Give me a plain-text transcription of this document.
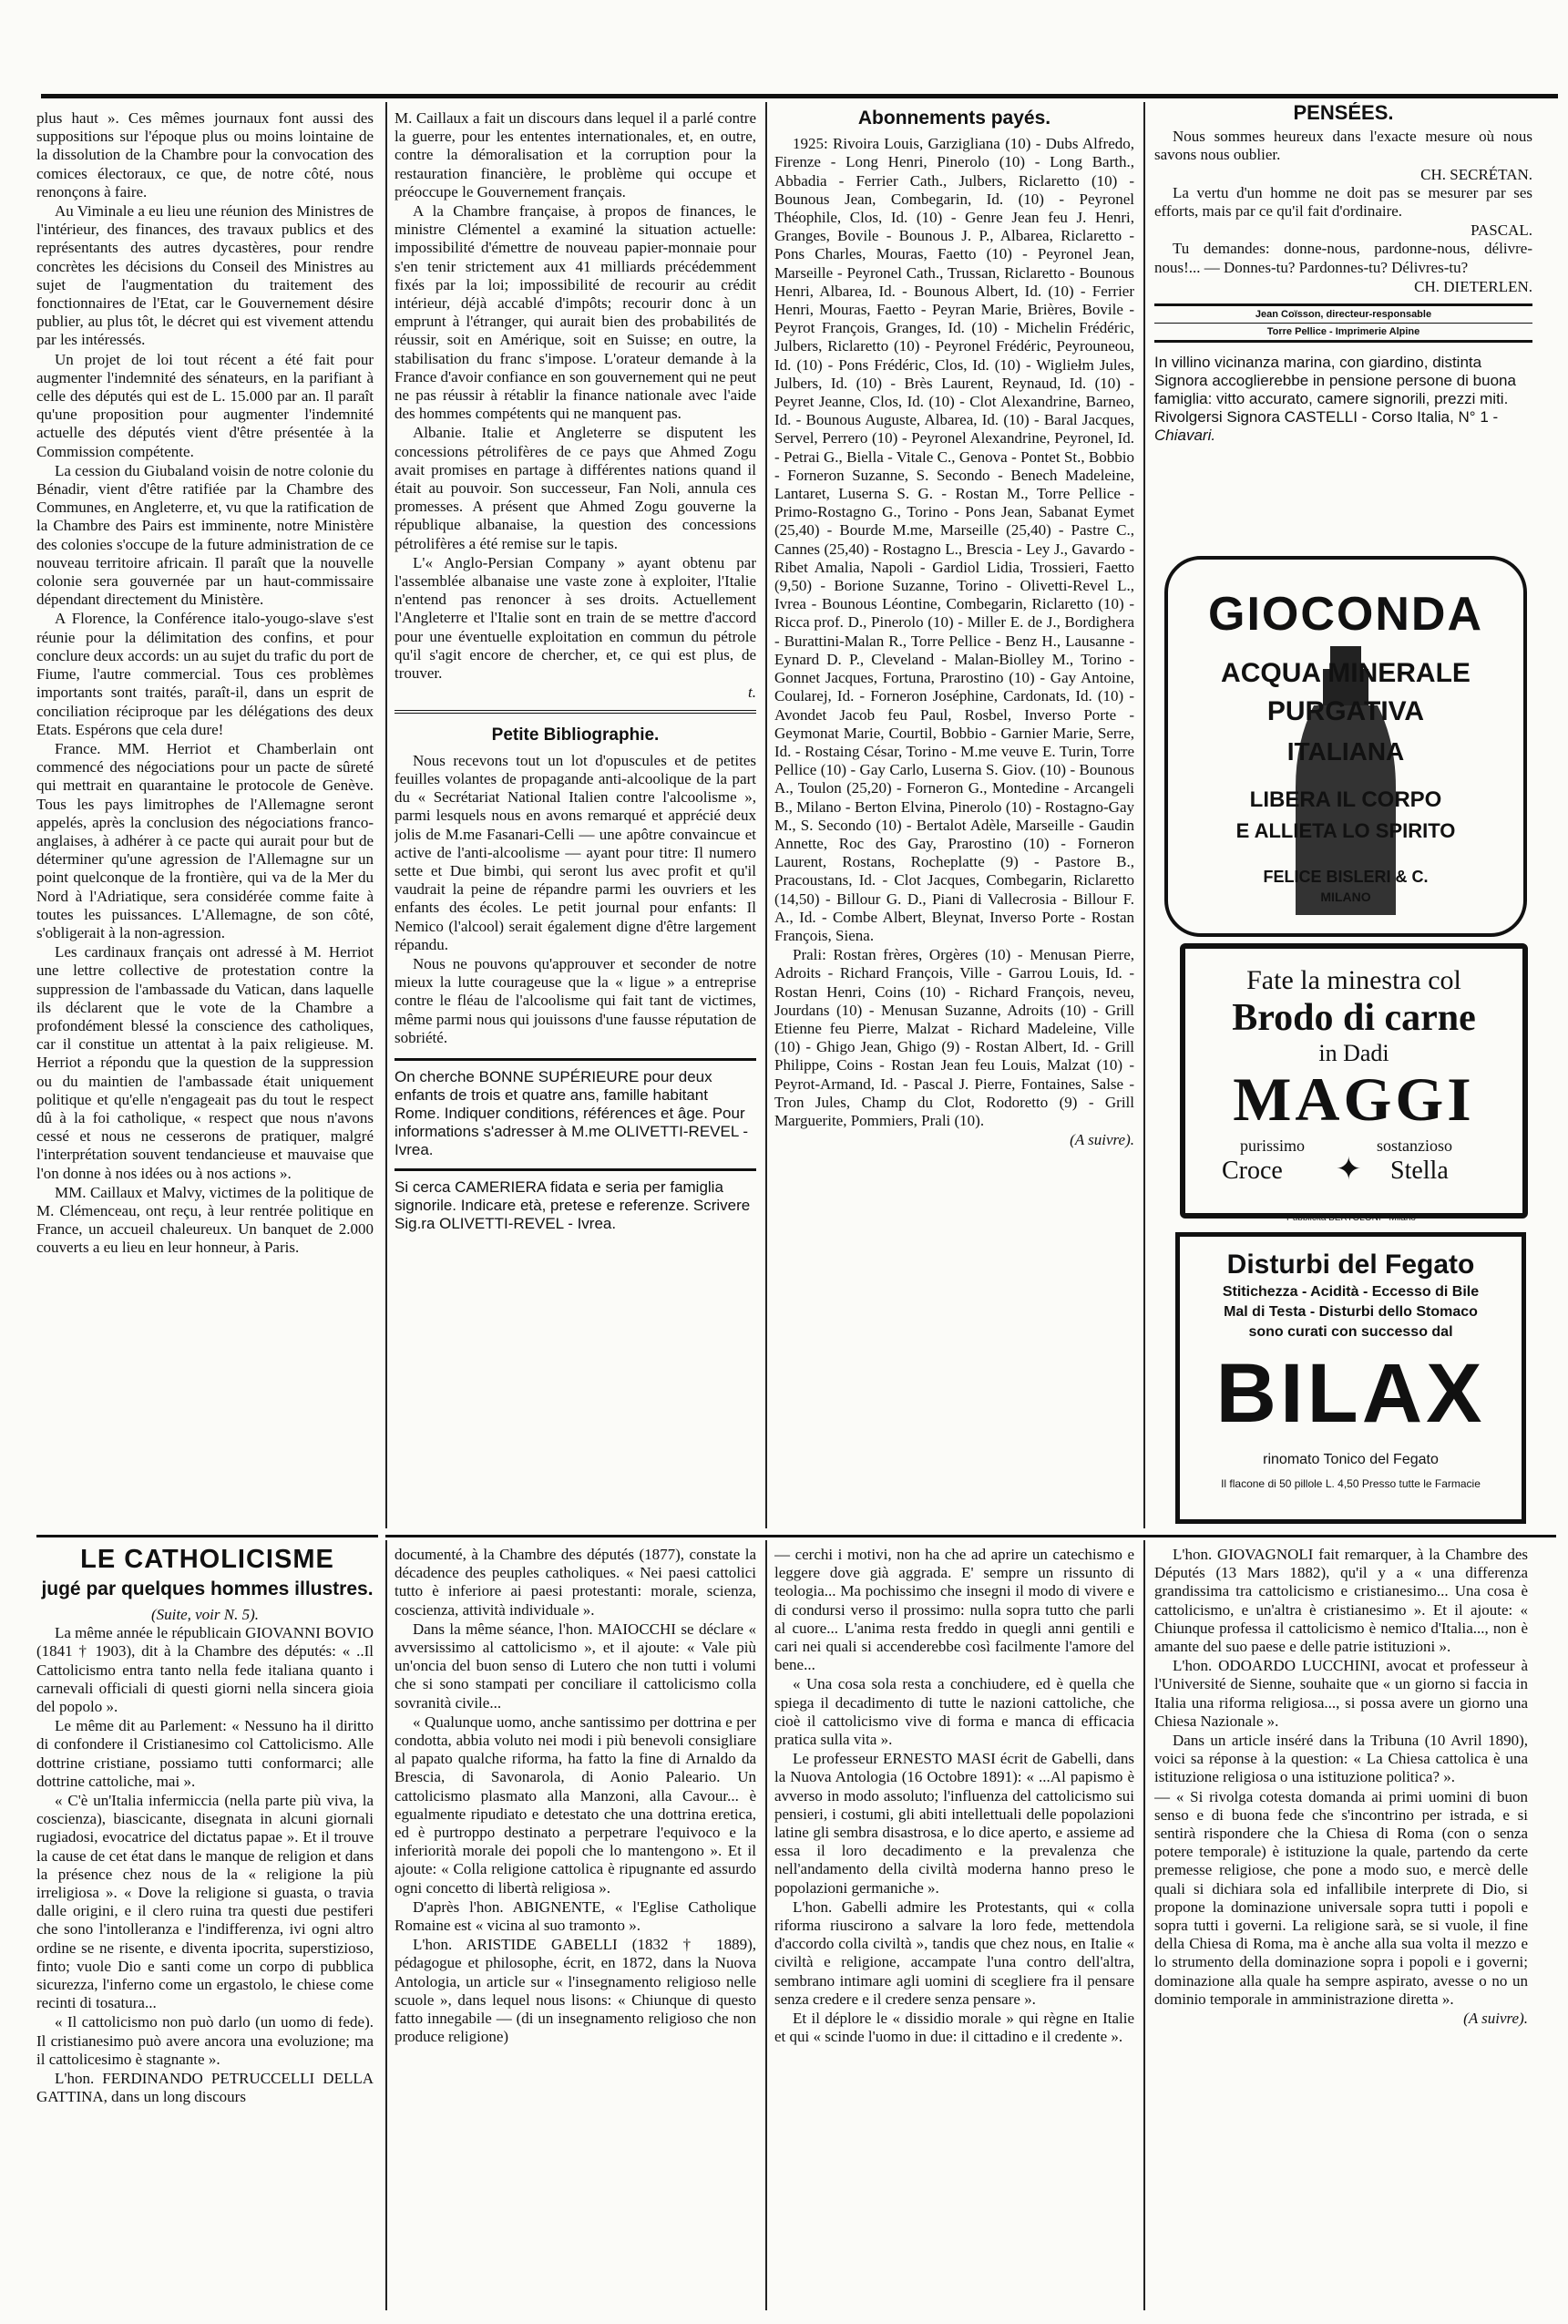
plus haut ». Ces mêmes journaux font aussi des suppositions sur l'époque plus ou moins lointaine de la dissolution de la Chambre pour la convocation des comices électoraux, ce que, de notre côté, nous renonçons à faire.

Au Viminale a eu lieu une réunion des Ministres de l'intérieur, des finances, des travaux publics et des représentants des autres dycastères, pour rendre concrètes les décisions du Conseil des Ministres au sujet de l'augmentation du traitement des fonctionnaires de l'Etat, car le Gouvernement désire publier, au plus tôt, le décret qui est vivement attendu par les intéressés.

Un projet de loi tout récent a été fait pour augmenter l'indemnité des sénateurs, en la parifiant à celle des députés qui est de L. 15.000 par an. Il paraît qu'une proposition pour augmenter l'indemnité actuelle des députés vient d'être présentée à la Commission compétente.

La cession du Giubaland voisin de notre colonie du Bénadir, vient d'être ratifiée par la Chambre des Communes, en Angleterre, et, vu que la ratification de la Chambre des Pairs est imminente, notre Ministère des colonies s'occupe de la future administration de ce nouveau territoire africain. Il paraît que la nouvelle colonie sera gouvernée par un haut-commissaire dépendant directement du Ministère.

A Florence, la Conférence italo-yougo-slave s'est réunie pour la délimitation des confins, et pour conclure deux accords: un au sujet du trafic du port de Fiume, l'autre commercial. Tous ces problèmes importants sont traités, paraît-il, dans un esprit de conciliation réciproque par les délégations des deux Etats. Espérons que cela dure!

France. MM. Herriot et Chamberlain ont commencé des négociations pour un pacte de sûreté qui mettrait en quarantaine le protocole de Genève. Tous les pays limitrophes de l'Allemagne seront appelés, après la conclusion des négociations franco-anglaises, à adhérer à ce pacte qui aurait pour but de déterminer qu'une agression de l'Allemagne sur un point quelconque de la frontière, qui va de la Mer du Nord à l'Adriatique, sera considérée comme faite à toutes les puissances. L'Allemagne, de son côté, s'obligerait à la non-agression.

Les cardinaux français ont adressé à M. Herriot une lettre collective de protestation contre la suppression de l'ambassade du Vatican, dans laquelle ils déclarent que le vote de la Chambre a profondément blessé la conscience des catholiques, car il constitue un attentat à la paix religieuse. M. Herriot a répondu que la question de la suppression ou du maintien de l'ambassade était uniquement politique et qu'elle n'engageait pas du tout le respect dû à la foi catholique, « respect que nous n'avons cessé et nous ne cesserons de pratiquer, malgré l'interprétation souvent tendancieuse et mauvaise que l'on donne à nos idées ou à nos actions ».

MM. Caillaux et Malvy, victimes de la politique de M. Clémenceau, ont reçu, à leur rentrée politique en France, un accueil chaleureux. Un banquet de 2.000 couverts a eu lieu en leur honneur, à Paris.

M. Caillaux a fait un discours dans lequel il a parlé contre la guerre, pour les ententes internationales, et, en outre, contre la démoralisation et la corruption pour la restauration financière, le problème qui occupe et préoccupe le Gouvernement français.

A la Chambre française, à propos de finances, le ministre Clémentel a examiné la situation actuelle: impossibilité d'émettre de nouveau papier-monnaie pour s'en tenir strictement aux 41 milliards précédemment fixés par la loi; impossibilité de recourir au crédit intérieur, déjà accablé d'impôts; recourir donc à un emprunt à l'étranger, qui aurait bien des probabilités de réussir, soit en Amérique, soit en Suisse; en outre, la stabilisation du franc s'impose. L'orateur demande à la France d'avoir confiance en son gouvernement qui ne peut ne pas réussir à rétablir la finance nationale avec l'aide des hommes compétents qui ne manquent pas.

Albanie. Italie et Angleterre se disputent les concessions pétrolifères de ce pays que Ahmed Zogu avait promises en partage à différentes nations quand il était au pouvoir. Son successeur, Fan Noli, annula ces promesses. A présent que Ahmed Zogu gouverne la république albanaise, la question des concessions pétrolifères a été remise sur le tapis.

L'« Anglo-Persian Company » ayant obtenu par l'assemblée albanaise une vaste zone à exploiter, l'Italie n'entend pas renoncer à ses droits. Actuellement l'Angleterre et l'Italie sont en train de se mettre d'accord pour une éventuelle exploitation en commun du pétrole qu'il s'agit encore de chercher, et, ce qui est plus, de trouver.

t.
Petite Bibliographie.

Nous recevons tout un lot d'opuscules et de petites feuilles volantes de propagande anti-alcoolique de la part du « Secrétariat National Italien contre l'alcoolisme », parmi lesquels nous en avons remarqué et apprécié deux jolis de M.me Fasanari-Celli — une apôtre convaincue et active de l'anti-alcoolisme — ayant pour titre: Il numero sette et Due bimbi, qui seront lus avec profit et qu'il vaudrait la peine de répandre parmi les ouvriers et les enfants des écoles. Le petit journal pour enfants: Il Nemico (l'alcool) serait également digne d'être largement répandu.

Nous ne pouvons qu'approuver et seconder de notre mieux la lutte courageuse que la « ligue » a entreprise contre le fléau de l'alcoolisme qui fait tant de victimes, même parmi nous qui jouissons d'une fausse réputation de sobriété.

On cherche BONNE SUPÉRIEURE pour deux enfants de trois et quatre ans, famille habitant Rome. Indiquer conditions, références et âge. Pour informations s'adresser à M.me OLIVETTI-REVEL - Ivrea.
Si cerca CAMERIERA fidata e seria per famiglia signorile. Indicare età, pretese e referenze. Scrivere Sig.ra OLIVETTI-REVEL - Ivrea.
Abonnements payés.

1925: Rivoira Louis, Garzigliana (10) - Dubs Alfredo, Firenze - Long Henri, Pinerolo (10) - Long Barth., Abbadia - Ferrier Cath., Julbers, Riclaretto (10) - Bounous Jean, Combegarin, Id. (10) - Peyronel Théophile, Clos, Id. (10) - Genre Jean feu J. Henri, Granges, Bovile - Bounous J. P., Albarea, Riclaretto - Pons Charles, Mouras, Faetto (10) - Peyronel Jean, Marseille - Peyronel Cath., Trussan, Riclaretto - Bounous Henri, Albarea, Id. - Bounous Albert, Id. (10) - Ferrier Henri, Mouras, Faetto - Peyran Marie, Brières, Bovile - Peyrot François, Granges, Id. (10) - Michelin Frédéric, Julbers, Riclaretto (10) - Peyronel Frédéric, Peyrouneou, Id. (10) - Pons Frédéric, Clos, Id. (10) - Wigliełm Jules, Julbers, Id. (10) - Brès Laurent, Reynaud, Id. (10) - Peyret Jeanne, Clos, Id. (10) - Clot Alexandrine, Barneo, Id. - Bounous Auguste, Albarea, Id. (10) - Baral Jacques, Servel, Perrero (10) - Peyronel Alexandrine, Peyronel, Id. - Petrai G., Biella - Vitale C., Genova - Pontet St., Bobbio - Forneron Suzanne, S. Secondo - Benech Madeleine, Lantaret, Luserna S. G. - Rostan M., Torre Pellice - Primo-Rostagno G., Torino - Pons Jean, Sabanat Eymet (25,40) - Bourde M.me, Marseille (25,40) - Pastre C., Cannes (25,40) - Rostagno L., Brescia - Ley J., Gavardo - Ribet Amalia, Napoli - Gardiol Lidia, Trossieri, Faetto (9,50) - Borione Suzanne, Torino - Olivetti-Revel L., Ivrea - Bounous Léontine, Combegarin, Riclaretto (10) - Ricca prof. D., Pinerolo (10) - Miller E. de J., Bordighera - Burattini-Malan R., Torre Pellice - Benz H., Lausanne - Eynard D. P., Cleveland - Malan-Biolley M., Torino - Gonnet Jacques, Fortuna, Prarostino (10) - Gay Antoine, Coularej, Id. - Forneron Joséphine, Cardonats, Id. (10) - Avondet Jacob feu Paul, Rosbel, Inverso Porte - Geymonat Marie, Courtil, Bobbio - Garnier Marie, Serre, Id. - Rostaing César, Torino - M.me veuve E. Turin, Torre Pellice (10) - Gay Carlo, Luserna S. Giov. (10) - Bounous A., Toulon (25,20) - Forneron G., Montedine - Arcangeli B., Milano - Berton Elvina, Pinerolo (10) - Rostagno-Gay M., S. Secondo (10) - Bertalot Adèle, Marseille - Gaudin Annette, Roc des Gay, Prarostino (10) - Forneron Laurent, Rostans, Rocheplatte (9) - Pastore B., Pracoustans, Id. - Clot Jacques, Combegarin, Riclaretto (14,50) - Billour G. D., Piani di Vallecrosia - Billour F. A., Id. - Combe Albert, Bleynat, Inverso Porte - Rostan François, Siena.

Prali: Rostan frères, Orgères (10) - Menusan Pierre, Adroits - Richard François, Ville - Garrou Louis, Id. - Rostan Henri, Coins (10) - Richard François, neveu, Jourdans (10) - Menusan Suzanne, Adroits (10) - Grill Etienne feu Pierre, Malzat - Richard Madeleine, Ville (10) - Ghigo Jean, Ghigo (9) - Rostan Albert, Id. - Grill Philippe, Coins - Rostan Jean feu Louis, Malzat (10) - Peyrot-Armand, Id. - Pascal J. Pierre, Fontaines, Salse - Tron Jules, Champ du Clot, Rodoretto (9) - Grill Marguerite, Pommiers, Prali (10).

(A suivre).
PENSÉES.

Nous sommes heureux dans l'exacte mesure où nous savons nous oublier.

CH. SECRÉTAN.

La vertu d'un homme ne doit pas se mesurer par ses efforts, mais par ce qu'il fait d'ordinaire.

PASCAL.

Tu demandes: donne-nous, pardonne-nous, délivre-nous!... — Donnes-tu? Pardonnes-tu? Délivres-tu?

CH. DIETERLEN.
Jean Coïsson, directeur-responsable
Torre Pellice - Imprimerie Alpine
In villino vicinanza marina, con giardino, distinta Signora accoglierebbe in pensione persone di buona famiglia: vitto accurato, camere signorili, prezzi miti. Rivolgersi Signora CASTELLI - Corso Italia, N° 1 - Chiavari.
GIOCONDA
ACQUA MINERALE
PURGATIVA
ITALIANA
LIBERA IL CORPO
E ALLIETA LO SPIRITO
FELICE BISLERI & C.
MILANO
Fate la minestra col
Brodo di carne
in Dadi
MAGGI
purissimo	sostanzioso
Croce ✦ Stella
Pubblicità BERTOLONI - Milano
Disturbi del Fegato
Stitichezza - Acidità - Eccesso di Bile
Mal di Testa - Disturbi dello Stomaco
sono curati con successo dal
BILAX
rinomato Tonico del Fegato
Il flacone di 50 pillole L. 4,50 Presso tutte le Farmacie
LE CATHOLICISME
jugé par quelques hommes illustres.
(Suite, voir N. 5).

La même année le républicain GIOVANNI BOVIO (1841 † 1903), dit à la Chambre des députés: « ..Il Cattolicismo entra tanto nella fede italiana quanto i carnevali officiali di questi giorni nella sincera gioia del popolo ».

Le même dit au Parlement: « Nessuno ha il diritto di confondere il Cristianesimo col Cattolicismo. Alle dottrine cristiane, possiamo tutti conformarci; alle dottrine cattoliche, mai ».

« C'è un'Italia infermiccia (nella parte più viva, la coscienza), biascicante, disegnata in alcuni giornali rugiadosi, evocatrice del dictatus papae ». Et il trouve la cause de cet état dans le manque de religion et dans la présence chez nous de la « religione la più irreligiosa ». « Dove la religione si guasta, o travia dalle origini, e il clero ruina tra questi due pestiferi che sono l'intolleranza e l'indifferenza, ivi ogni altro ordine se ne risente, e diventa ipocrita, superstizioso, finto; vuole Dio e santi come un corpo di pubblica sicurezza, l'inferno come un ergastolo, le chiese come recinti di tosatura...

« Il cattolicismo non può darlo (un uomo di fede). Il cristianesimo può avere ancora una evoluzione; ma il cattolicesimo è stagnante ».

L'hon. FERDINANDO PETRUCCELLI DELLA GATTINA, dans un long discours

documenté, à la Chambre des députés (1877), constate la décadence des peuples catholiques. « Nei paesi cattolici tutto è inferiore ai paesi protestanti: morale, scienza, coscienza, attività individuale ».

Dans la même séance, l'hon. MAIOCCHI se déclare « avversissimo al cattolicismo », et il ajoute: « Vale più un'oncia del buon senso di Lutero che non tutti i volumi che si sono stampati per conciliare il cattolicismo colla sovranità civile...

« Qualunque uomo, anche santissimo per dottrina e per condotta, abbia voluto nei modi i più benevoli consigliare al papato qualche riforma, ha fatto la fine di Arnaldo da Brescia, di Savonarola, di Aonio Paleario. Un cattolicismo plasmato alla Manzoni, alla Cavour... è egualmente ripudiato e detestato che una dottrina eretica, ed è purtroppo destinato a perpetrare l'equivoco e la inferiorità morale dei popoli che lo mantengono ». Et il ajoute: « Colla religione cattolica è ripugnante ed assurdo ogni concetto di libertà religiosa ».

D'après l'hon. ABIGNENTE, « l'Eglise Catholique Romaine est « vicina al suo tramonto ».

L'hon. ARISTIDE GABELLI (1832 † 1889), pédagogue et philosophe, écrit, en 1872, dans la Nuova Antologia, un article sur « l'insegnamento religioso nelle scuole », dans lequel nous lisons: « Chiunque di questo fatto innegabile — (di un insegnamento religioso che non produce religione)

— cerchi i motivi, non ha che ad aprire un catechismo e leggere dove già aggrada. E' sempre un rissunto di teologia... Ma pochissimo che insegni il modo di vivere e di condursi verso il prossimo: nulla sopra tutto che parli al cuore... L'anima resta freddo in quegli anni gentili e cari nei quali si accenderebbe così facilmente l'amore del bene...

« Una cosa sola resta a conchiudere, ed è quella che spiega il decadimento di tutte le nazioni cattoliche, che cioè il cattolicismo vive di forma e manca di efficacia pratica sulla vita ».

Le professeur ERNESTO MASI écrit de Gabelli, dans la Nuova Antologia (16 Octobre 1891): « ...Al papismo è avverso in modo assoluto; l'influenza del cattolicismo sui pensieri, i costumi, gli abiti intellettuali delle popolazioni latine gli sembra disastrosa, e lo dice aperto, e assieme ad essa il loro decadimento e la prevalenza che nell'andamento della civiltà moderna hanno preso le popolazioni germaniche ».

L'hon. Gabelli admire les Protestants, qui « colla riforma riuscirono a salvare la loro fede, mettendola d'accordo colla civiltà », tandis que chez nous, en Italie « civiltà e religione, accampate l'una contro dell'altra, sembrano intimare agli uomini di scegliere fra il pensare senza credere e il credere senza pensare ».

Et il déplore le « dissidio morale » qui règne en Italie et qui « scinde l'uomo in due: il cittadino e il credente ».

L'hon. GIOVAGNOLI fait remarquer, à la Chambre des Députés (13 Mars 1882), qu'il y a « una differenza grandissima tra cattolicismo e cristianesimo... Una cosa è cattolicismo, e un'altra è cristianesimo ». Et il ajoute: « Chiunque professa il cattolicismo è nemico d'Italia..., non è amante del suo paese e delle patrie istituzioni ».

L'hon. ODOARDO LUCCHINI, avocat et professeur à l'Université de Sienne, souhaite que « un giorno si faccia in Italia una riforma religiosa..., si possa avere un giorno una Chiesa Nazionale ».

Dans un article inséré dans la Tribuna (10 Avril 1890), voici sa réponse à la question: « La Chiesa cattolica è una istituzione religiosa o una istituzione politica? ».

— « Si rivolga cotesta domanda ai primi uomini di buon senso e di buona fede che s'incontrino per istrada, e si sentirà rispondere che la Chiesa di Roma (con o senza potere temporale) è istituzione la quale, partendo da certe premesse religiose, che pone a modo suo, e mercè delle quali si dichiara sola ed infallibile interprete di Dio, si propone la dominazione universale sopra tutti i popoli e sopra tutti i governi. La religione sarà, se si vuole, il fine della Chiesa di Roma, ma è anche alla sua volta il mezzo e lo strumento della dominazione sopra i popoli e i governi; dominazione alla quale ha sempre aspirato, avesse o no un dominio temporale in amministrazione diretta ».

(A suivre).
